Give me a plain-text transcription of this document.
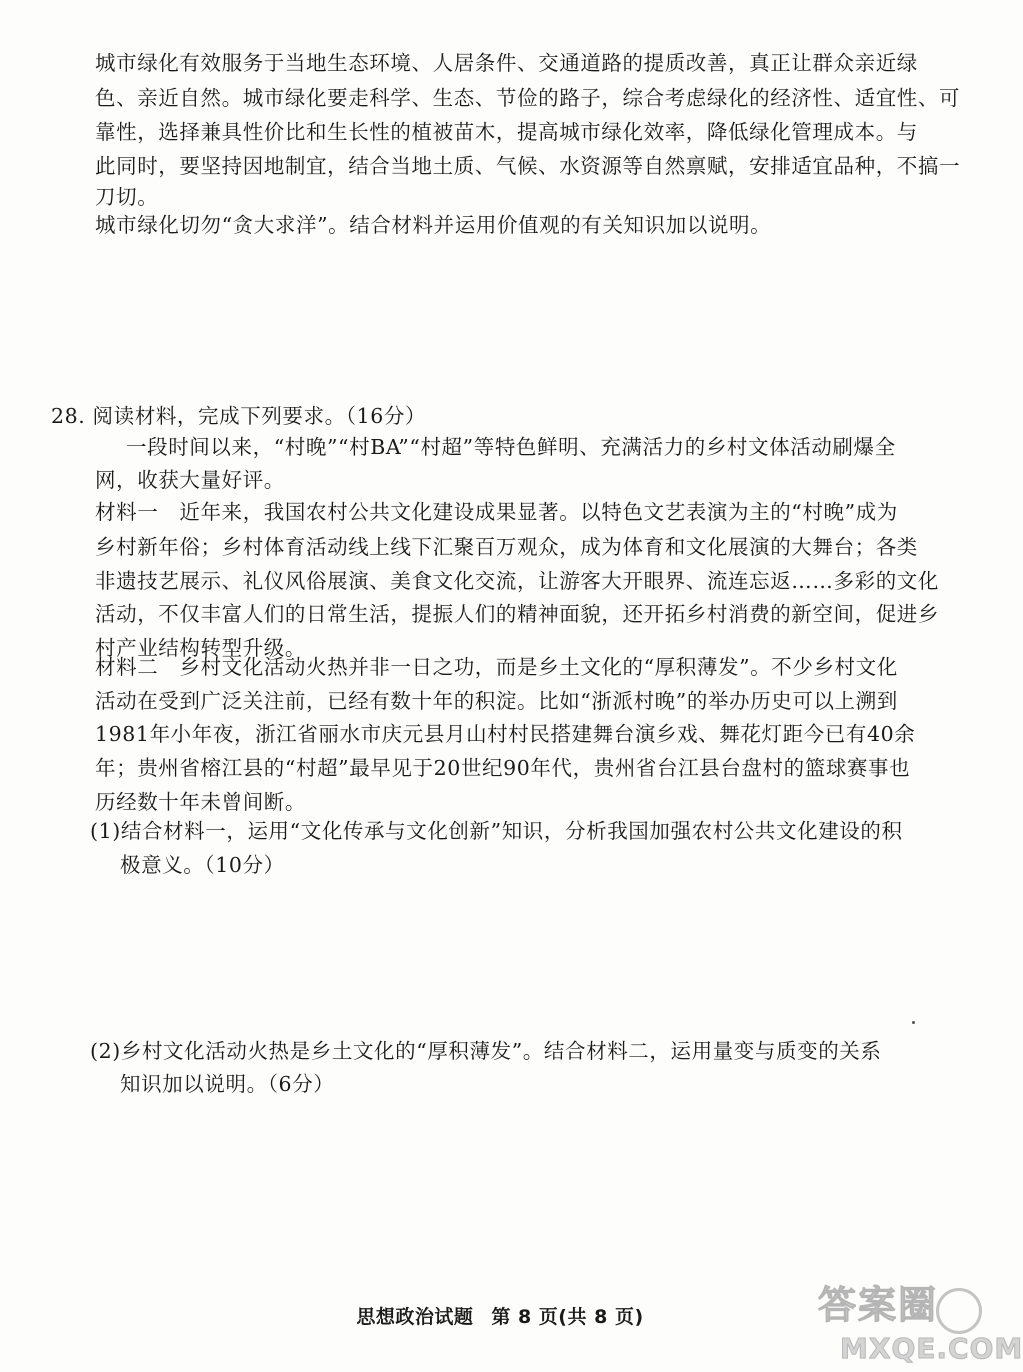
城市绿化有效服务于当地生态环境、人居条件、交通道路的提质改善，真正让群众亲近绿
色、亲近自然。城市绿化要走科学、生态、节俭的路子，综合考虑绿化的经济性、适宜性、可
靠性，选择兼具性价比和生长性的植被苗木，提高城市绿化效率，降低绿化管理成本。与
此同时，要坚持因地制宜，结合当地土质、气候、水资源等自然禀赋，安排适宜品种，不搞一
刀切。
城市绿化切勿“贪大求洋”。结合材料并运用价值观的有关知识加以说明。
28. 阅读材料，完成下列要求。（16分）
一段时间以来，“村晚”“村BA”“村超”等特色鲜明、充满活力的乡村文体活动刷爆全
网，收获大量好评。
材料一　近年来，我国农村公共文化建设成果显著。以特色文艺表演为主的“村晚”成为
乡村新年俗；乡村体育活动线上线下汇聚百万观众，成为体育和文化展演的大舞台；各类
非遗技艺展示、礼仪风俗展演、美食文化交流，让游客大开眼界、流连忘返……多彩的文化
活动，不仅丰富人们的日常生活，提振人们的精神面貌，还开拓乡村消费的新空间，促进乡
村产业结构转型升级。
材料二　乡村文化活动火热并非一日之功，而是乡土文化的“厚积薄发”。不少乡村文化
活动在受到广泛关注前，已经有数十年的积淀。比如“浙派村晚”的举办历史可以上溯到
1981年小年夜，浙江省丽水市庆元县月山村村民搭建舞台演乡戏、舞花灯距今已有40余
年；贵州省榕江县的“村超”最早见于20世纪90年代，贵州省台江县台盘村的篮球赛事也
历经数十年未曾间断。
(1)结合材料一，运用“文化传承与文化创新”知识，分析我国加强农村公共文化建设的积
极意义。（10分）
(2)乡村文化活动火热是乡土文化的“厚积薄发”。结合材料二，运用量变与质变的关系
知识加以说明。（6分）
思想政治试题 第 8 页(共 8 页)	答案圈
MXQE.COM
